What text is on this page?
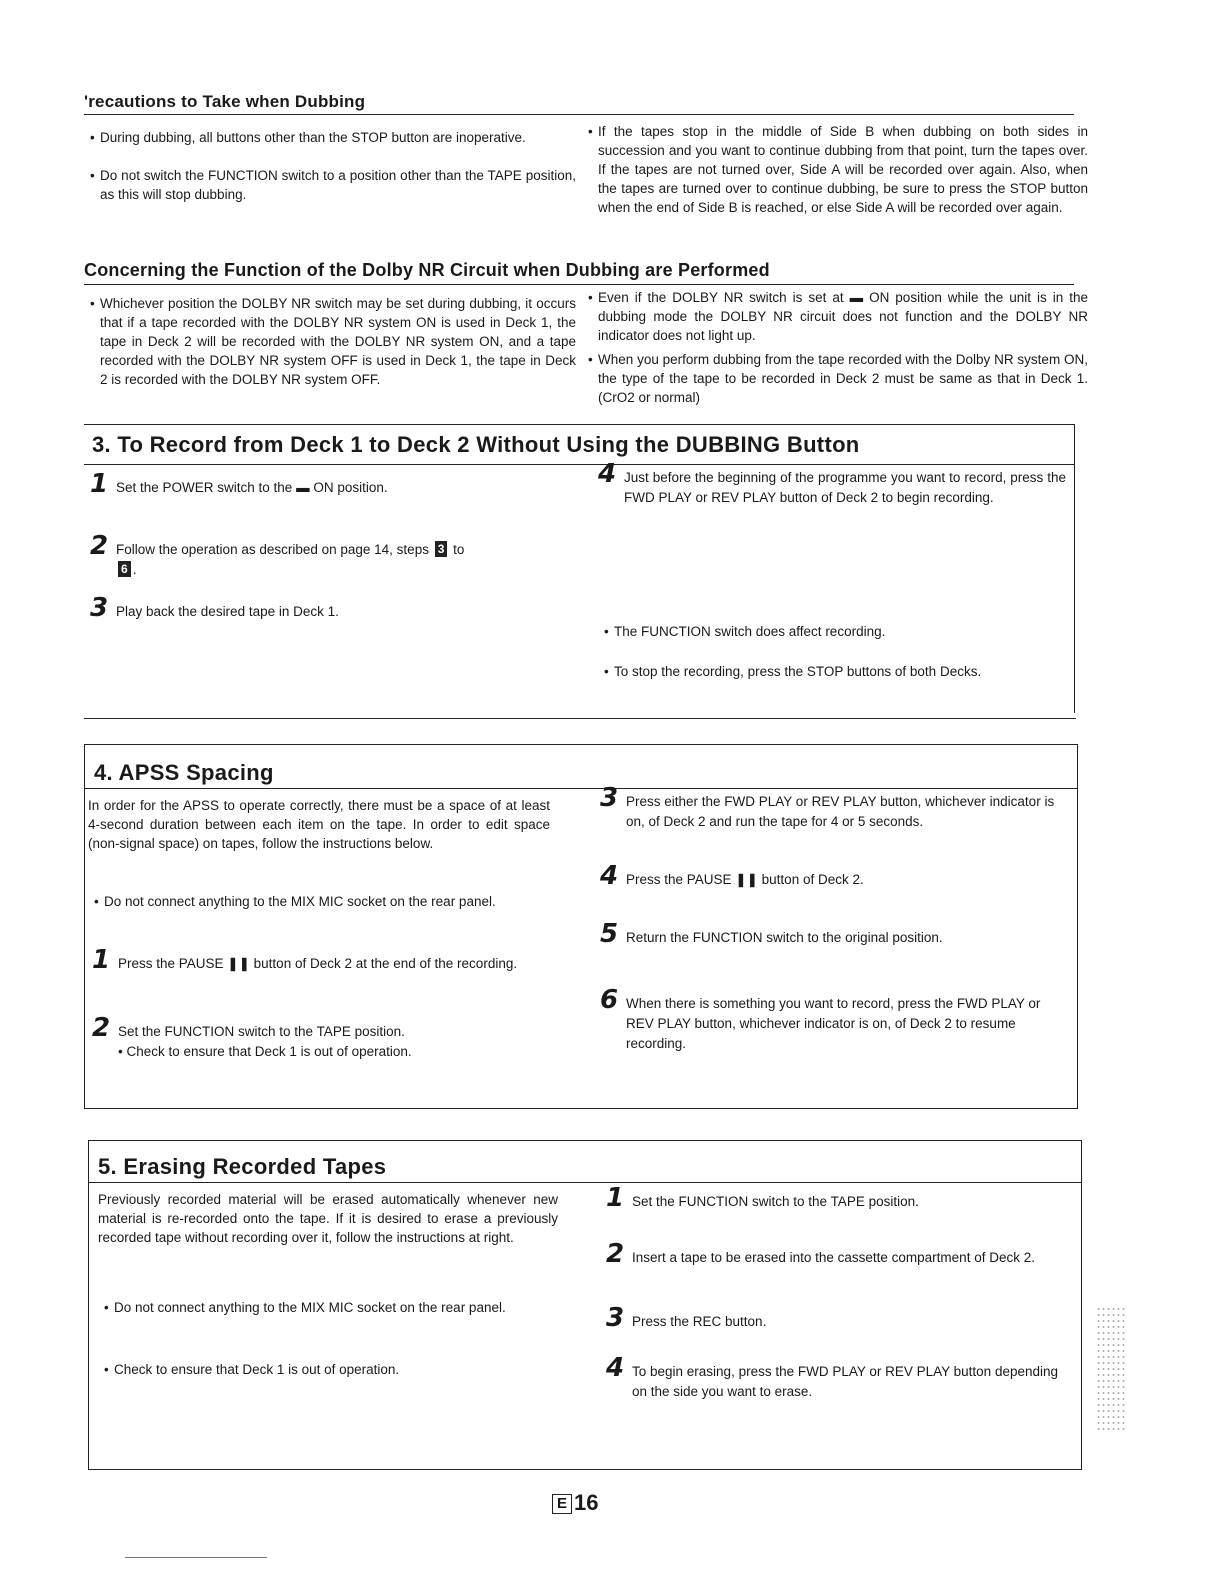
'recautions to Take when Dubbing
• During dubbing, all buttons other than the STOP button are inoperative.
• Do not switch the FUNCTION switch to a position other than the TAPE position, as this will stop dubbing.
• If the tapes stop in the middle of Side B when dubbing on both sides in succession and you want to continue dubbing from that point, turn the tapes over. If the tapes are not turned over, Side A will be recorded over again. Also, when the tapes are turned over to continue dubbing, be sure to press the STOP button when the end of Side B is reached, or else Side A will be recorded over again.
Concerning the Function of the Dolby NR Circuit when Dubbing are Performed
• Whichever position the DOLBY NR switch may be set during dubbing, it occurs that if a tape recorded with the DOLBY NR system ON is used in Deck 1, the tape in Deck 2 will be recorded with the DOLBY NR system ON, and a tape recorded with the DOLBY NR system OFF is used in Deck 1, the tape in Deck 2 is recorded with the DOLBY NR system OFF.
• Even if the DOLBY NR switch is set at ▬ ON position while the unit is in the dubbing mode the DOLBY NR circuit does not function and the DOLBY NR indicator does not light up.
• When you perform dubbing from the tape recorded with the Dolby NR system ON, the type of the tape to be recorded in Deck 2 must be same as that in Deck 1. (CrO2 or normal)
3. To Record from Deck 1 to Deck 2 Without Using the DUBBING Button
1 Set the POWER switch to the ▬ ON position.
2 Follow the operation as described on page 14, steps 3 to
6 .
3 Play back the desired tape in Deck 1.
4 Just before the beginning of the programme you want to record, press the FWD PLAY or REV PLAY button of Deck 2 to begin recording.
• The FUNCTION switch does affect recording.
• To stop the recording, press the STOP buttons of both Decks.
4. APSS Spacing
In order for the APSS to operate correctly, there must be a space of at least 4-second duration between each item on the tape. In order to edit space (non-signal space) on tapes, follow the instructions below.
• Do not connect anything to the MIX MIC socket on the rear panel.
1 Press the PAUSE ❚❚ button of Deck 2 at the end of the recording.
2 Set the FUNCTION switch to the TAPE position.
• Check to ensure that Deck 1 is out of operation.
3 Press either the FWD PLAY or REV PLAY button, whichever indicator is on, of Deck 2 and run the tape for 4 or 5 seconds.
4 Press the PAUSE ❚❚ button of Deck 2.
5 Return the FUNCTION switch to the original position.
6 When there is something you want to record, press the FWD PLAY or REV PLAY button, whichever indicator is on, of Deck 2 to resume recording.
5. Erasing Recorded Tapes
Previously recorded material will be erased automatically whenever new material is re-recorded onto the tape. If it is desired to erase a previously recorded tape without recording over it, follow the instructions at right.
• Do not connect anything to the MIX MIC socket on the rear panel.
• Check to ensure that Deck 1 is out of operation.
1 Set the FUNCTION switch to the TAPE position.
2 Insert a tape to be erased into the cassette compartment of Deck 2.
3 Press the REC button.
4 To begin erasing, press the FWD PLAY or REV PLAY button depending on the side you want to erase.
E 16
